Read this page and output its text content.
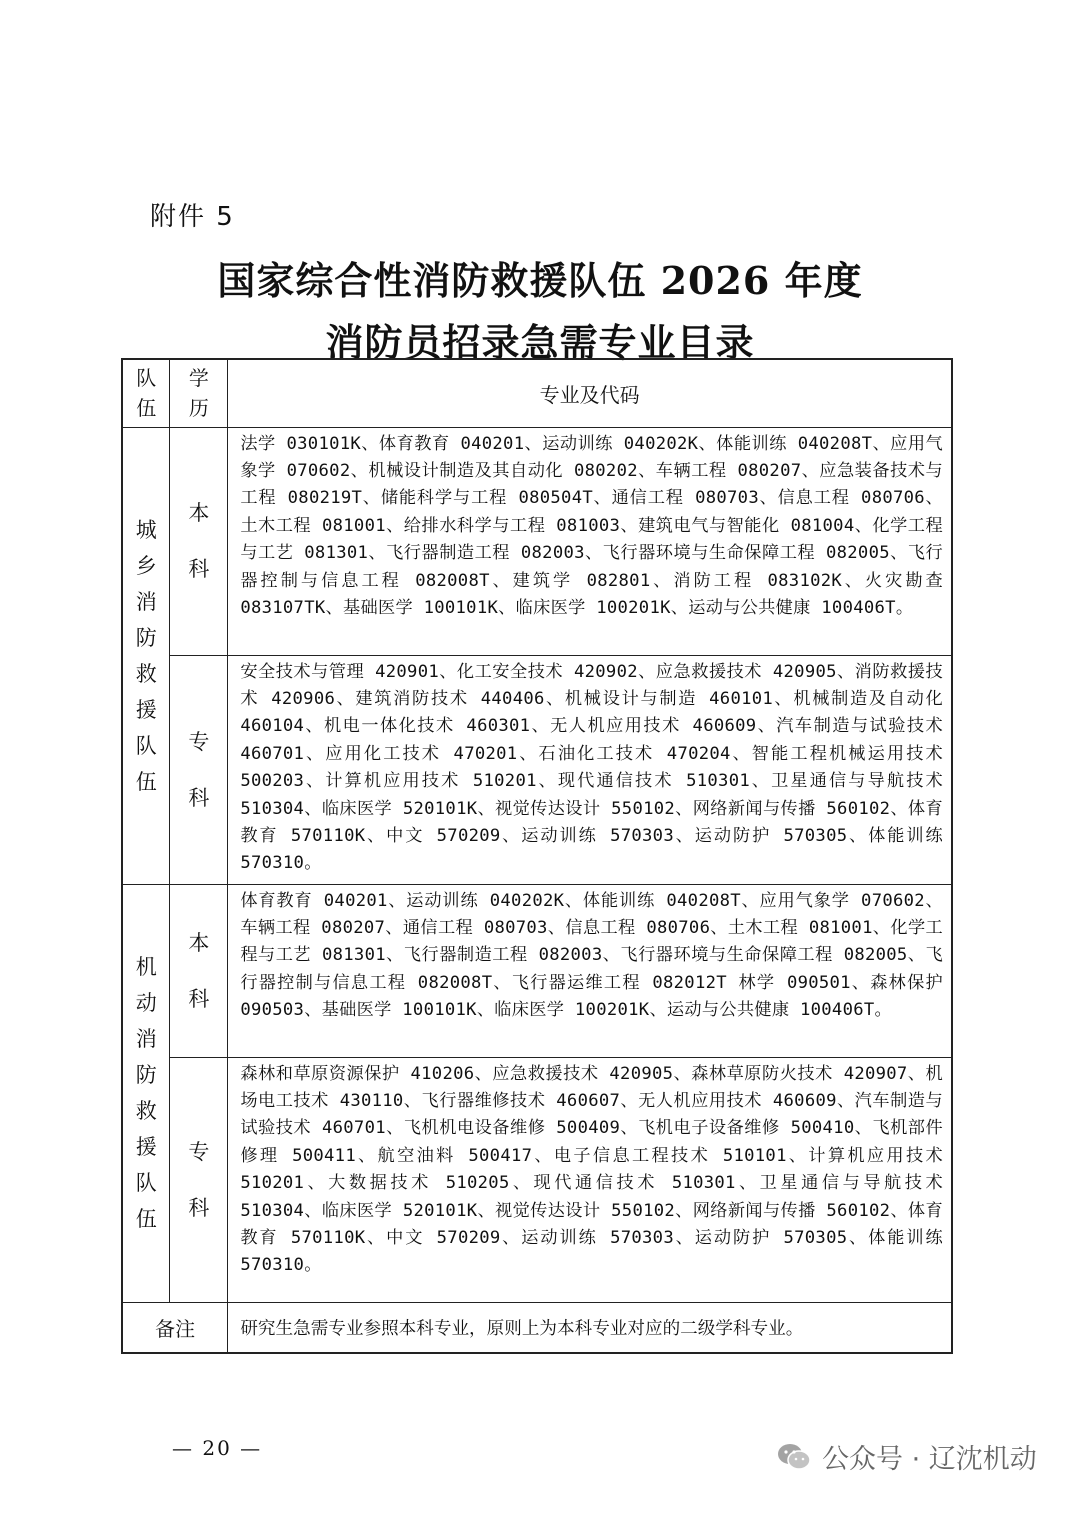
附件 5
国家综合性消防救援队伍 2026 年度
消防员招录急需专业目录
队伍	学历	专业及代码
城乡消防救援队伍	本科	法学 030101K、体育教育 040201、运动训练 040202K、体能训练 040208T、应用气象学 070602、机械设计制造及其自动化 080202、车辆工程 080207、应急装备技术与工程 080219T、储能科学与工程 080504T、通信工程 080703、信息工程 080706、土木工程 081001、给排水科学与工程 081003、建筑电气与智能化 081004、化学工程与工艺 081301、飞行器制造工程 082003、飞行器环境与生命保障工程 082005、飞行器控制与信息工程 082008T、建筑学 082801、消防工程 083102K、火灾勘查 083107TK、基础医学 100101K、临床医学 100201K、运动与公共健康 100406T。
	专科	安全技术与管理 420901、化工安全技术 420902、应急救援技术 420905、消防救援技术 420906、建筑消防技术 440406、机械设计与制造 460101、机械制造及自动化 460104、机电一体化技术 460301、无人机应用技术 460609、汽车制造与试验技术 460701、应用化工技术 470201、石油化工技术 470204、智能工程机械运用技术 500203、计算机应用技术 510201、现代通信技术 510301、卫星通信与导航技术 510304、临床医学 520101K、视觉传达设计 550102、网络新闻与传播 560102、体育教育 570110K、中文 570209、运动训练 570303、运动防护 570305、体能训练 570310。
机动消防救援队伍	本科	体育教育 040201、运动训练 040202K、体能训练 040208T、应用气象学 070602、车辆工程 080207、通信工程 080703、信息工程 080706、土木工程 081001、化学工程与工艺 081301、飞行器制造工程 082003、飞行器环境与生命保障工程 082005、飞行器控制与信息工程 082008T、飞行器运维工程 082012T 林学 090501、森林保护 090503、基础医学 100101K、临床医学 100201K、运动与公共健康 100406T。
	专科	森林和草原资源保护 410206、应急救援技术 420905、森林草原防火技术 420907、机场电工技术 430110、飞行器维修技术 460607、无人机应用技术 460609、汽车制造与试验技术 460701、飞机机电设备维修 500409、飞机电子设备维修 500410、飞机部件修理 500411、航空油料 500417、电子信息工程技术 510101、计算机应用技术 510201、大数据技术 510205、现代通信技术 510301、卫星通信与导航技术 510304、临床医学 520101K、视觉传达设计 550102、网络新闻与传播 560102、体育教育 570110K、中文 570209、运动训练 570303、运动防护 570305、体能训练 570310。
备注		研究生急需专业参照本科专业，原则上为本科专业对应的二级学科专业。
— 20 —	公众号 · 辽沈机动
